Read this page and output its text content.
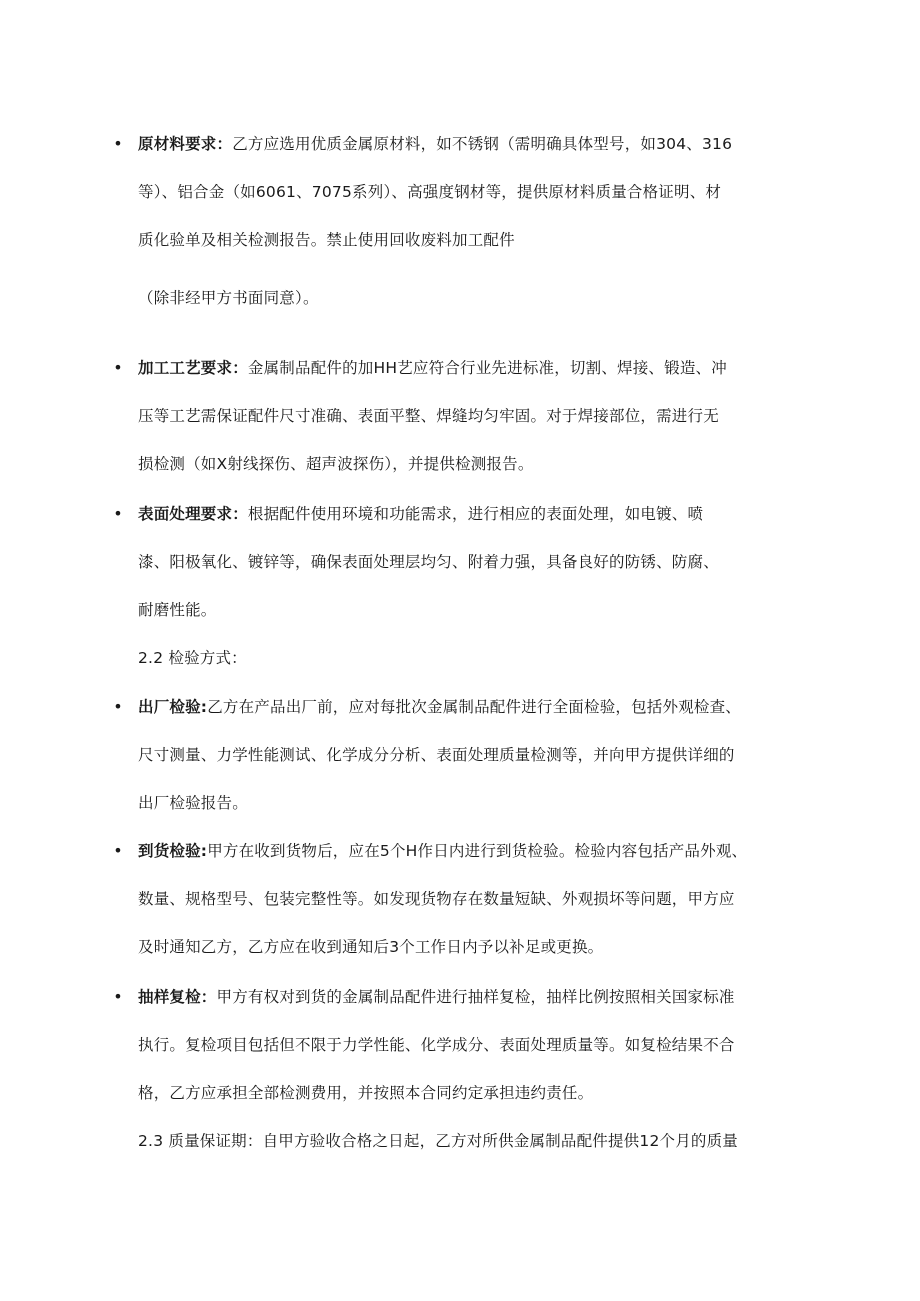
• 原材料要求：乙方应选用优质金属原材料，如不锈钢（需明确具体型号，如304、316
等）、铝合金（如6061、7075系列）、高强度钢材等，提供原材料质量合格证明、材
质化验单及相关检测报告。禁止使用回收废料加工配件
（除非经甲方书面同意）。
• 加工工艺要求：金属制品配件的加HH艺应符合行业先进标准，切割、焊接、锻造、冲
压等工艺需保证配件尺寸准确、表面平整、焊缝均匀牢固。对于焊接部位，需进行无
损检测（如X射线探伤、超声波探伤），并提供检测报告。
• 表面处理要求：根据配件使用环境和功能需求，进行相应的表面处理，如电镀、喷
漆、阳极氧化、镀锌等，确保表面处理层均匀、附着力强，具备良好的防锈、防腐、
耐磨性能。
2.2 检验方式：
• 出厂检验:乙方在产品出厂前，应对每批次金属制品配件进行全面检验，包括外观检查、
尺寸测量、力学性能测试、化学成分分析、表面处理质量检测等，并向甲方提供详细的
出厂检验报告。
• 到货检验:甲方在收到货物后，应在5个H作日内进行到货检验。检验内容包括产品外观、
数量、规格型号、包装完整性等。如发现货物存在数量短缺、外观损坏等问题，甲方应
及时通知乙方，乙方应在收到通知后3个工作日内予以补足或更换。
• 抽样复检：甲方有权对到货的金属制品配件进行抽样复检，抽样比例按照相关国家标准
执行。复检项目包括但不限于力学性能、化学成分、表面处理质量等。如复检结果不合
格，乙方应承担全部检测费用，并按照本合同约定承担违约责任。
2.3 质量保证期：自甲方验收合格之日起，乙方对所供金属制品配件提供12个月的质量
